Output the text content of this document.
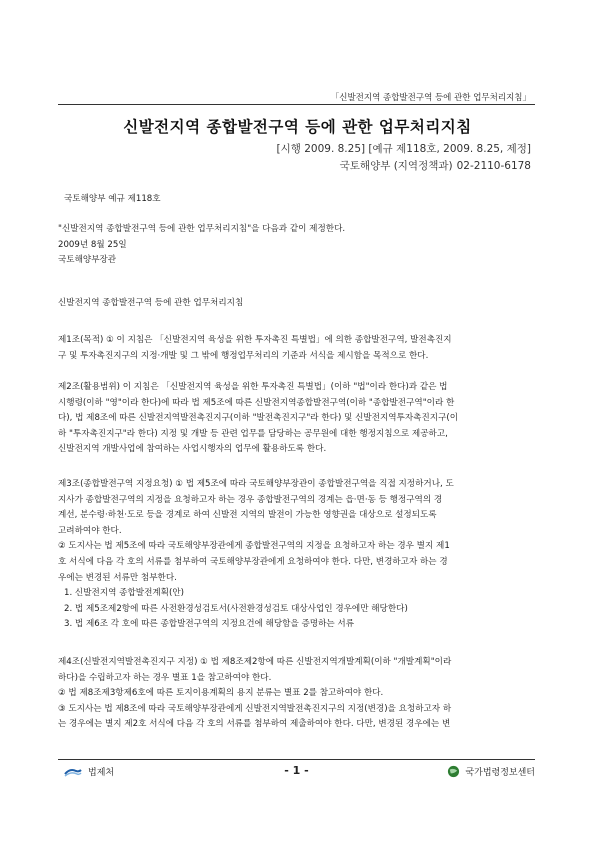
「신발전지역 종합발전구역 등에 관한 업무처리지침」
신발전지역 종합발전구역 등에 관한 업무처리지침
[시행 2009. 8.25] [예규 제118호, 2009. 8.25, 제정]
국토해양부 (지역정책과) 02-2110-6178
국토해양부 예규 제118호
"신발전지역 종합발전구역 등에 관한 업무처리지침"을 다음과 같이 제정한다.
2009년 8월 25일
국토해양부장관
신발전지역 종합발전구역 등에 관한 업무처리지침
제1조(목적) ① 이 지침은 「신발전지역 육성을 위한 투자촉진 특별법」에 의한 종합발전구역, 발전촉진지
구 및 투자촉진지구의 지정·개발 및 그 밖에 행정업무처리의 기준과 서식을 제시함을 목적으로 한다.
제2조(활용범위) 이 지침은 「신발전지역 육성을 위한 투자촉진 특별법」(이하 "법"이라 한다)과 같은 법
시행령(이하 "영"이라 한다)에 따라 법 제5조에 따른 신발전지역종합발전구역(이하 "종합발전구역"이라 한
다), 법 제8조에 따른 신발전지역발전촉진지구(이하 "발전촉진지구"라 한다) 및 신발전지역투자촉진지구(이
하 "투자촉진지구"라 한다) 지정 및 개발 등 관련 업무를 담당하는 공무원에 대한 행정지침으로 제공하고,
신발전지역 개발사업에 참여하는 사업시행자의 업무에 활용하도록 한다.
제3조(종합발전구역 지정요청) ① 법 제5조에 따라 국토해양부장관이 종합발전구역을 직접 지정하거나, 도
지사가 종합발전구역의 지정을 요청하고자 하는 경우 종합발전구역의 경계는 읍·면·동 등 행정구역의 경
계선, 분수령·하천·도로 등을 경계로 하여 신발전 지역의 발전이 가능한 영향권을 대상으로 설정되도록
고려하여야 한다.
② 도지사는 법 제5조에 따라 국토해양부장관에게 종합발전구역의 지정을 요청하고자 하는 경우 별지 제1
호 서식에 다음 각 호의 서류를 첨부하여 국토해양부장관에게 요청하여야 한다. 다만, 변경하고자 하는 경
우에는 변경된 서류만 첨부한다.
1. 신발전지역 종합발전계획(안)
2. 법 제5조제2항에 따른 사전환경성검토서(사전환경성검토 대상사업인 경우에만 해당한다)
3. 법 제6조 각 호에 따른 종합발전구역의 지정요건에 해당함을 증명하는 서류
제4조(신발전지역발전촉진지구 지정) ① 법 제8조제2항에 따른 신발전지역개발계획(이하 "개발계획"이라
하다)을 수립하고자 하는 경우 별표 1을 참고하여야 한다.
② 법 제8조제3항제6호에 따른 토지이용계획의 용지 분류는 별표 2를 참고하여야 한다.
③ 도지사는 법 제8조에 따라 국토해양부장관에게 신발전지역발전촉진지구의 지정(변경)을 요청하고자 하
는 경우에는 별지 제2호 서식에 다음 각 호의 서류를 첨부하여 제출하여야 한다. 다만, 변경된 경우에는 변
법제처	- 1 -	국가법령정보센터
